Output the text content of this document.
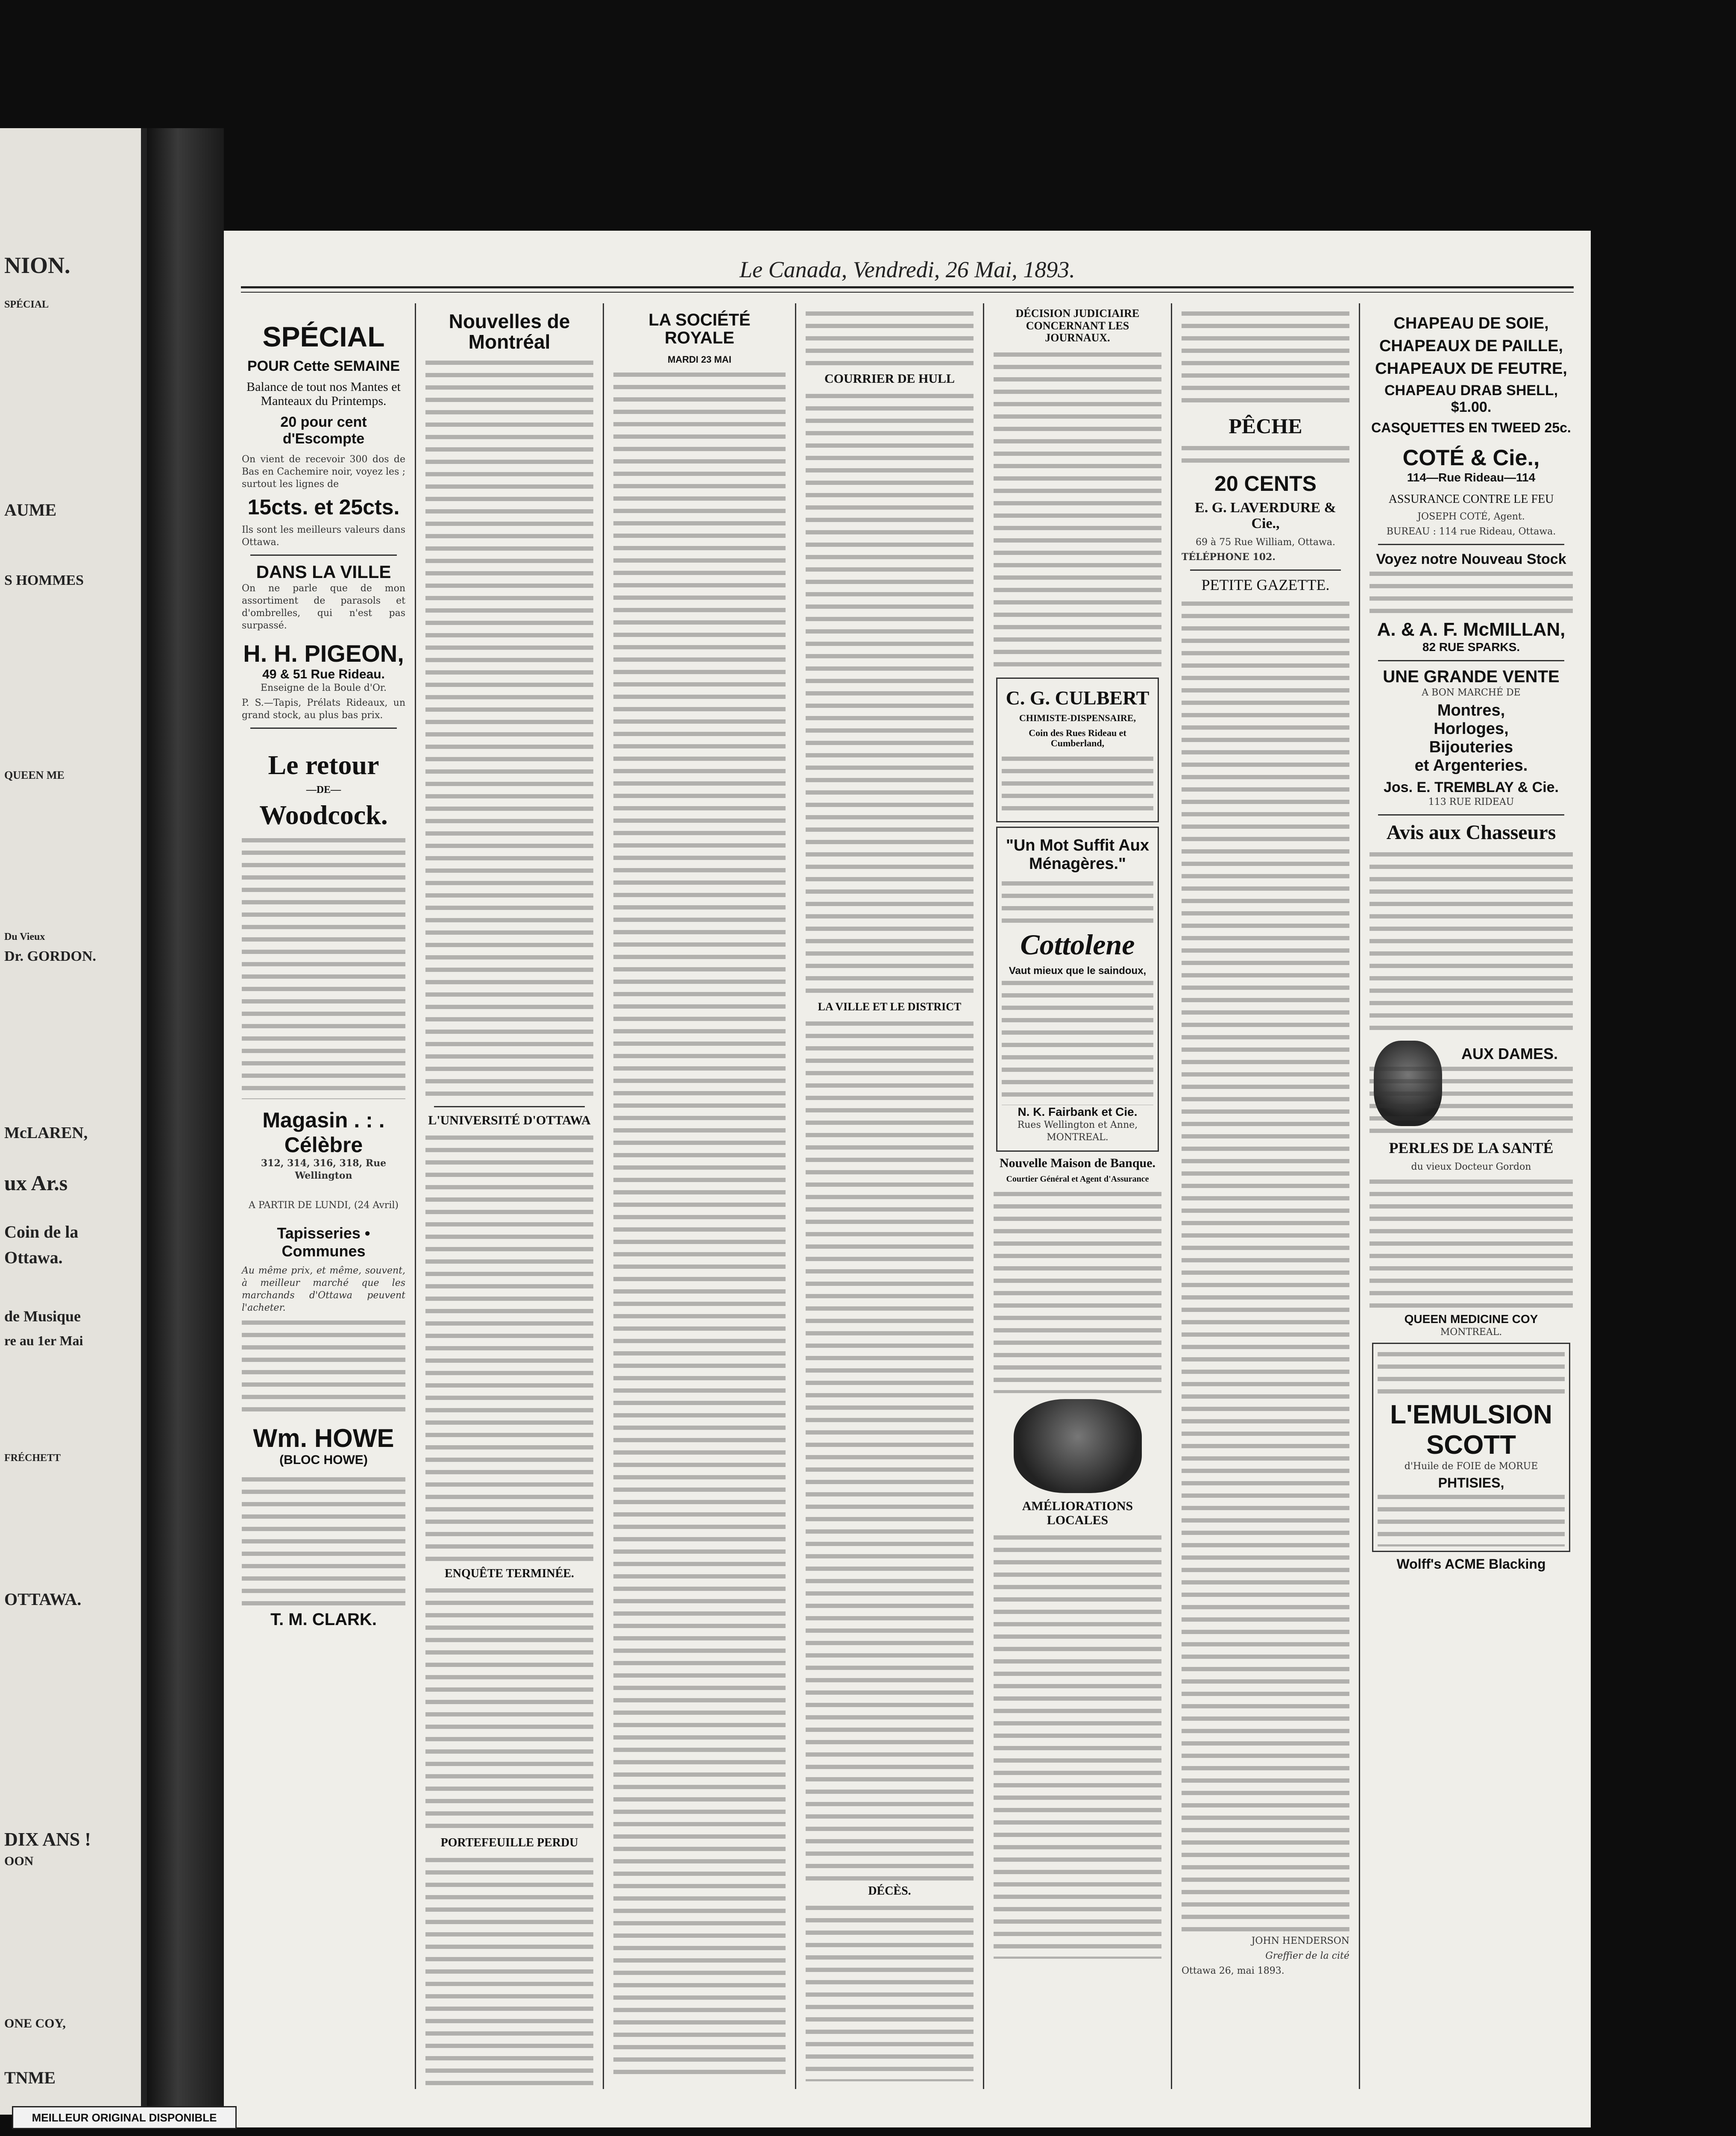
NION.
AUME
S HOMMES
QUEEN ME
Du Vieux
Dr. GORDON.
McLAREN,
ux Ar.s
Coin de la
Ottawa.
de Musique
re au 1er Mai
FRÉCHETT
OTTAWA.
DIX ANS !
OON
ONE COY,
TNME
SPÉCIAL
Le Canada, Vendredi, 26 Mai, 1893.
SPÉCIAL
POUR Cette SEMAINE
Balance de tout nos Mantes et Manteaux du Printemps.
20 pour cent d'Escompte
On vient de recevoir 300 dos de Bas en Cachemire noir, voyez les ; surtout les lignes de
15cts. et 25cts.
Ils sont les meilleurs valeurs dans Ottawa.
DANS LA VILLE
On ne parle que de mon assortiment de parasols et d'ombrelles, qui n'est pas surpassé.
H. H. PIGEON,
49 & 51 Rue Rideau.
Enseigne de la Boule d'Or.
P. S.—Tapis, Prélats Rideaux, un grand stock, au plus bas prix.
Le retour
—DE—
Woodcock.
Magasin . : . Célèbre
312, 314, 316, 318, Rue Wellington
A PARTIR DE LUNDI, (24 Avril)
Tapisseries • Communes
Au même prix, et même, souvent, à meilleur marché que les marchands d'Ottawa peuvent l'acheter.
Wm. HOWE
(BLOC HOWE)
T. M. CLARK.
Nouvelles de Montréal
L'UNIVERSITÉ D'OTTAWA
ENQUÊTE TERMINÉE.
PORTEFEUILLE PERDU
LA SOCIÉTÉ ROYALE
MARDI 23 MAI
COURRIER DE HULL
LA VILLE ET LE DISTRICT
DÉCÈS.
DÉCISION JUDICIAIRE CONCERNANT LES JOURNAUX.
C. G. CULBERT
CHIMISTE-DISPENSAIRE,
Coin des Rues Rideau et Cumberland,
"Un Mot Suffit Aux Ménagères."
Cottolene
Vaut mieux que le saindoux,
N. K. Fairbank et Cie.
Rues Wellington et Anne, MONTREAL.
Nouvelle Maison de Banque.
Courtier Général et Agent d'Assurance
AMÉLIORATIONS LOCALES
PÊCHE
20 CENTS
E. G. LAVERDURE & Cie.,
69 à 75 Rue William, Ottawa.
TÉLÉPHONE 102.
PETITE GAZETTE.
JOHN HENDERSON
Greffier de la cité
Ottawa 26, mai 1893.
CHAPEAU DE SOIE,
CHAPEAUX DE PAILLE,
CHAPEAUX DE FEUTRE,
CHAPEAU DRAB SHELL,
$1.00.
CASQUETTES EN TWEED 25c.
COTÉ & Cie.,
114—Rue Rideau—114
ASSURANCE CONTRE LE FEU
JOSEPH COTÉ, Agent.
BUREAU : 114 rue Rideau, Ottawa.
Voyez notre Nouveau Stock
A. & A. F. McMILLAN,
82 RUE SPARKS.
UNE GRANDE VENTE
A BON MARCHÉ DE
Montres,
Horloges,
Bijouteries
et Argenteries.
Jos. E. TREMBLAY & Cie.
113 RUE RIDEAU
Avis aux Chasseurs
AUX DAMES.
PERLES DE LA SANTÉ
du vieux Docteur Gordon
QUEEN MEDICINE COY
MONTREAL.
L'EMULSION
SCOTT
d'Huile de FOIE de MORUE
PHTISIES,
Wolff's ACME Blacking
MEILLEUR ORIGINAL DISPONIBLE
